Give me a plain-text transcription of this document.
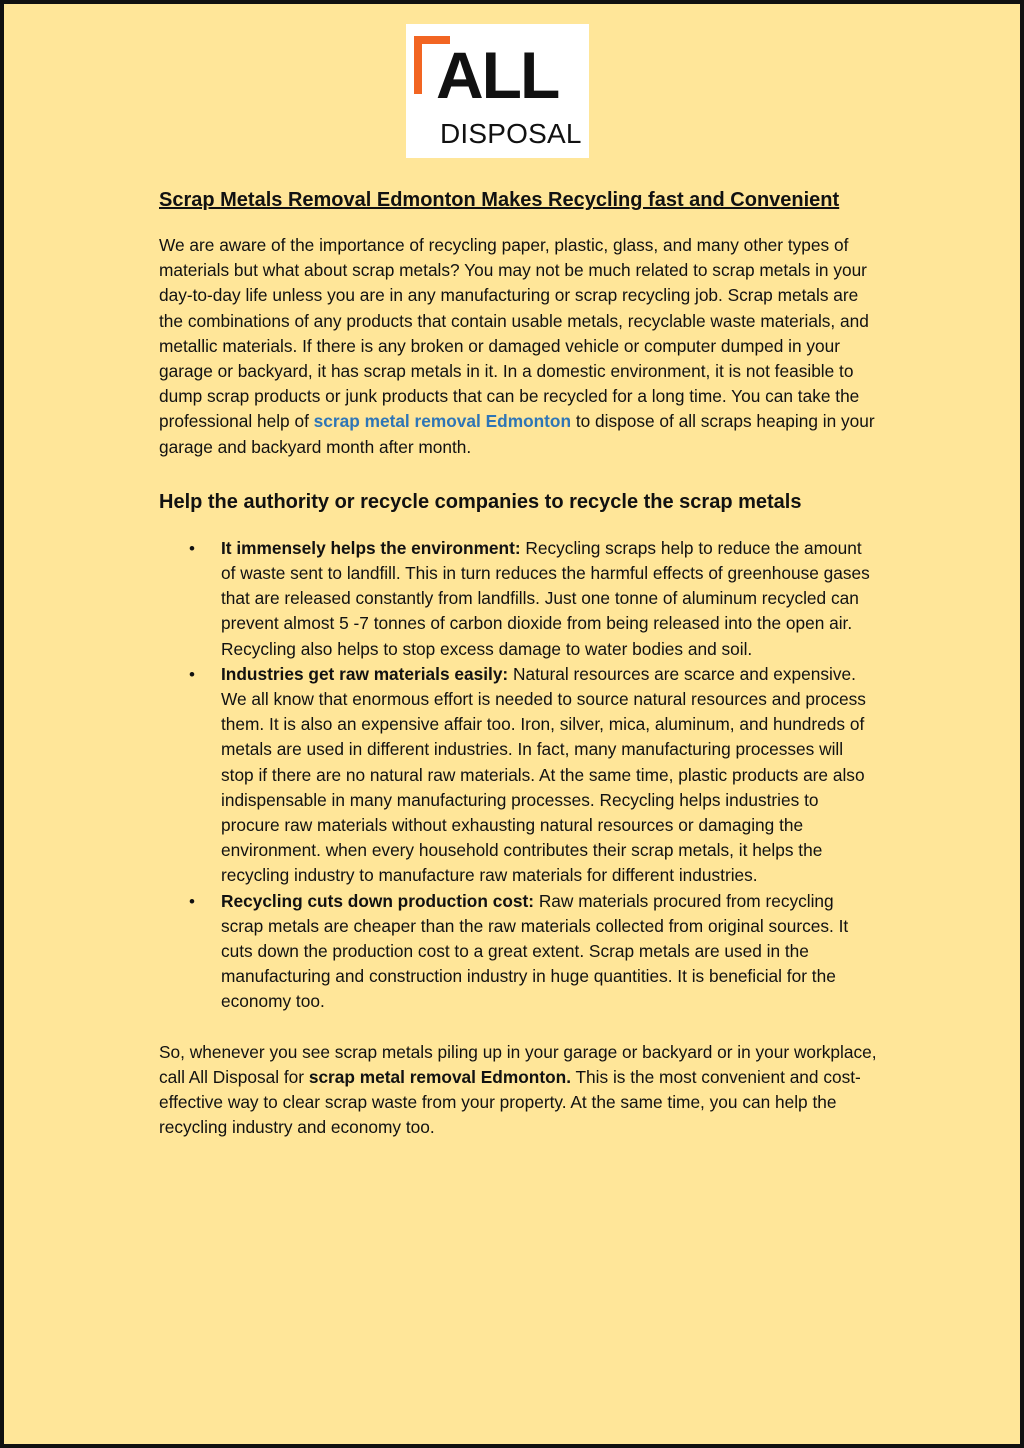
ALL
DISPOSAL
Scrap Metals Removal Edmonton Makes Recycling fast and Convenient

We are aware of the importance of recycling paper, plastic, glass, and many other types of materials but what about scrap metals? You may not be much related to scrap metals in your day-to-day life unless you are in any manufacturing or scrap recycling job. Scrap metals are the combinations of any products that contain usable metals, recyclable waste materials, and metallic materials. If there is any broken or damaged vehicle or computer dumped in your garage or backyard, it has scrap metals in it. In a domestic environment, it is not feasible to dump scrap products or junk products that can be recycled for a long time. You can take the professional help of scrap metal removal Edmonton to dispose of all scraps heaping in your garage and backyard month after month.

Help the authority or recycle companies to recycle the scrap metals
• It immensely helps the environment: Recycling scraps help to reduce the amount of waste sent to landfill. This in turn reduces the harmful effects of greenhouse gases that are released constantly from landfills. Just one tonne of aluminum recycled can prevent almost 5 -7 tonnes of carbon dioxide from being released into the open air. Recycling also helps to stop excess damage to water bodies and soil.
• Industries get raw materials easily: Natural resources are scarce and expensive. We all know that enormous effort is needed to source natural resources and process them. It is also an expensive affair too. Iron, silver, mica, aluminum, and hundreds of metals are used in different industries. In fact, many manufacturing processes will stop if there are no natural raw materials. At the same time, plastic products are also indispensable in many manufacturing processes. Recycling helps industries to procure raw materials without exhausting natural resources or damaging the environment. when every household contributes their scrap metals, it helps the recycling industry to manufacture raw materials for different industries.
• Recycling cuts down production cost: Raw materials procured from recycling scrap metals are cheaper than the raw materials collected from original sources. It cuts down the production cost to a great extent. Scrap metals are used in the manufacturing and construction industry in huge quantities. It is beneficial for the economy too.

So, whenever you see scrap metals piling up in your garage or backyard or in your workplace, call All Disposal for scrap metal removal Edmonton. This is the most convenient and cost-effective way to clear scrap waste from your property. At the same time, you can help the recycling industry and economy too.
